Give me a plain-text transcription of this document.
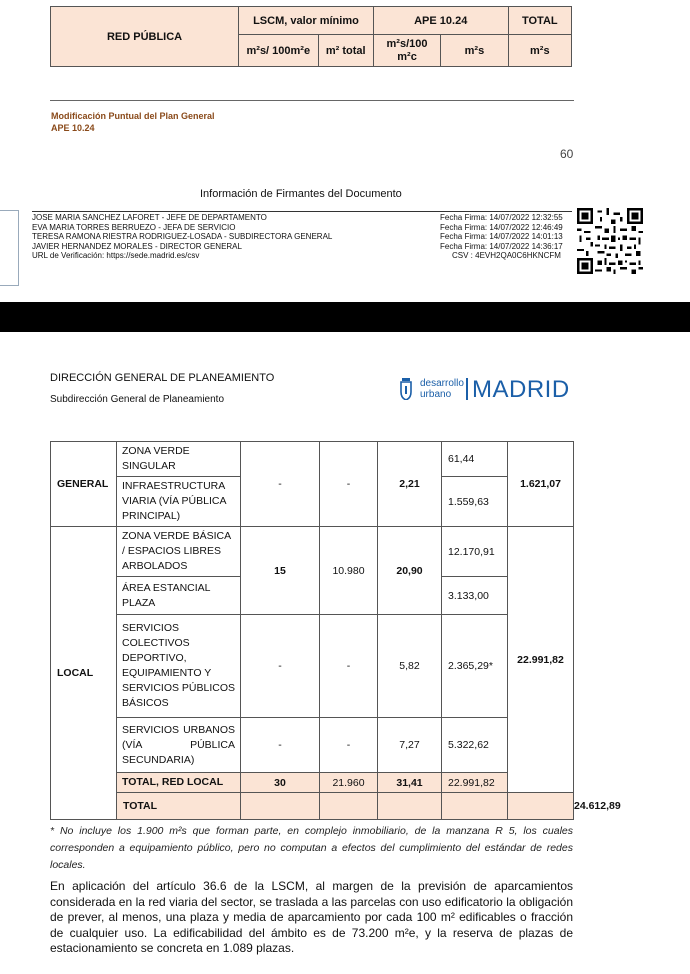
RED PÚBLICA	LSCM, valor mínimo		APE 10.24		TOTAL
	m²s/ 100m²e	m² total	m²s/100
m²c	m²s	m²s
Modificación Puntual del Plan General
APE 10.24
60
Información de Firmantes del Documento
JOSE MARIA SANCHEZ LAFORET - JEFE DE DEPARTAMENTO
EVA MARIA TORRES BERRUEZO - JEFA DE SERVICIO
TERESA RAMONA RIESTRA RODRIGUEZ-LOSADA - SUBDIRECTORA GENERAL
JAVIER HERNANDEZ MORALES - DIRECTOR GENERAL
URL de Verificación: https://sede.madrid.es/csv
Fecha Firma: 14/07/2022 12:32:55
Fecha Firma: 14/07/2022 12:46:49
Fecha Firma: 14/07/2022 14:01:13
Fecha Firma: 14/07/2022 14:36:17
CSV : 4EVH2QA0C6HKNCFM
DIRECCIÓN GENERAL DE PLANEAMIENTO
Subdirección General de Planeamiento
desarrollo
urbano MADRID
GENERAL	ZONA VERDE SINGULAR	-	-	2,21	61,44	1.621,07	
	INFRAESTRUCTURA VIARIA (VÍA PÚBLICA PRINCIPAL)				1.559,63		
LOCAL	ZONA VERDE BÁSICA / ESPACIOS LIBRES ARBOLADOS	15	10.980	20,90	12.170,91	22.991,82	
	ÁREA ESTANCIAL PLAZA				3.133,00		
	SERVICIOS COLECTIVOS DEPORTIVO, EQUIPAMIENTO Y SERVICIOS PÚBLICOS BÁSICOS	-	-	5,82	2.365,29*		

	SERVICIOS URBANOS
(VÍA PÚBLICA
SECUNDARIA)	-	-	7,27	5.322,62		
	TOTAL, RED LOCAL	30	21.960	31,41	22.991,82		
	TOTAL						24.612,89
* No incluye los 1.900 m²s que forman parte, en complejo inmobiliario, de la manzana R 5, los cuales corresponden a equipamiento público, pero no computan a efectos del cumplimiento del estándar de redes locales.
En aplicación del artículo 36.6 de la LSCM, al margen de la previsión de aparcamientos considerada en la red viaria del sector, se traslada a las parcelas con uso edificatorio la obligación de prever, al menos, una plaza y media de aparcamiento por cada 100 m² edificables o fracción de cualquier uso. La edificabilidad del ámbito es de 73.200 m²e, y la reserva de plazas de estacionamiento se concreta en 1.089 plazas.
